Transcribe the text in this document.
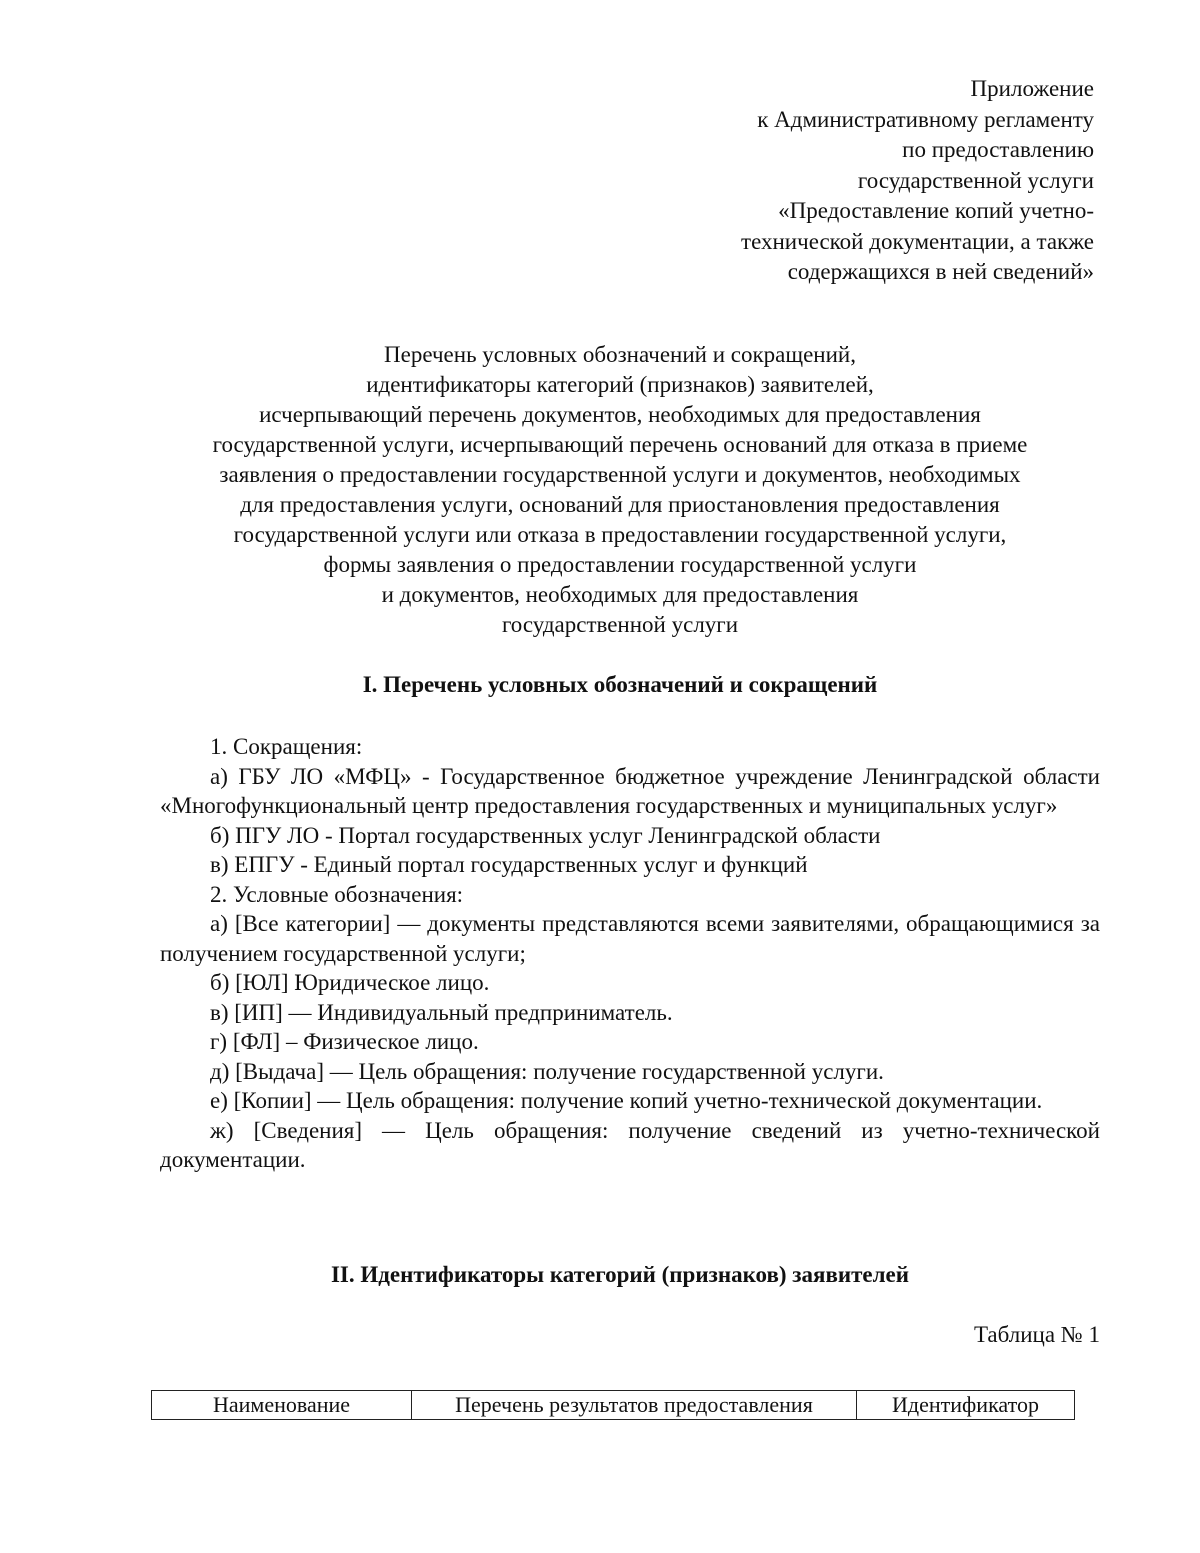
Приложение
к Административному регламенту
по предоставлению
государственной услуги
«Предоставление копий учетно-
технической документации, а также
содержащихся в ней сведений»
Перечень условных обозначений и сокращений,
идентификаторы категорий (признаков) заявителей,
исчерпывающий перечень документов, необходимых для предоставления
государственной услуги, исчерпывающий перечень оснований для отказа в приеме
заявления о предоставлении государственной услуги и документов, необходимых
для предоставления услуги, оснований для приостановления предоставления
государственной услуги или отказа в предоставлении государственной услуги,
формы заявления о предоставлении государственной услуги
и документов, необходимых для предоставления
государственной услуги
I. Перечень условных обозначений и сокращений

1. Сокращения:

а) ГБУ ЛО «МФЦ» - Государственное бюджетное учреждение Ленинградской области «Многофункциональный центр предоставления государственных и муниципальных услуг»

б) ПГУ ЛО - Портал государственных услуг Ленинградской области

в) ЕПГУ - Единый портал государственных услуг и функций

2. Условные обозначения:

а) [Все категории] — документы представляются всеми заявителями, обращающимися за получением государственной услуги;

б) [ЮЛ] Юридическое лицо.

в) [ИП] — Индивидуальный предприниматель.

г) [ФЛ] – Физическое лицо.

д) [Выдача] — Цель обращения: получение государственной услуги.

е) [Копии] — Цель обращения: получение копий учетно-технической документации.

ж) [Сведения] — Цель обращения: получение сведений из учетно-технической документации.

II. Идентификаторы категорий (признаков) заявителей
Таблица № 1
Наименование	Перечень результатов предоставления	Идентификатор
